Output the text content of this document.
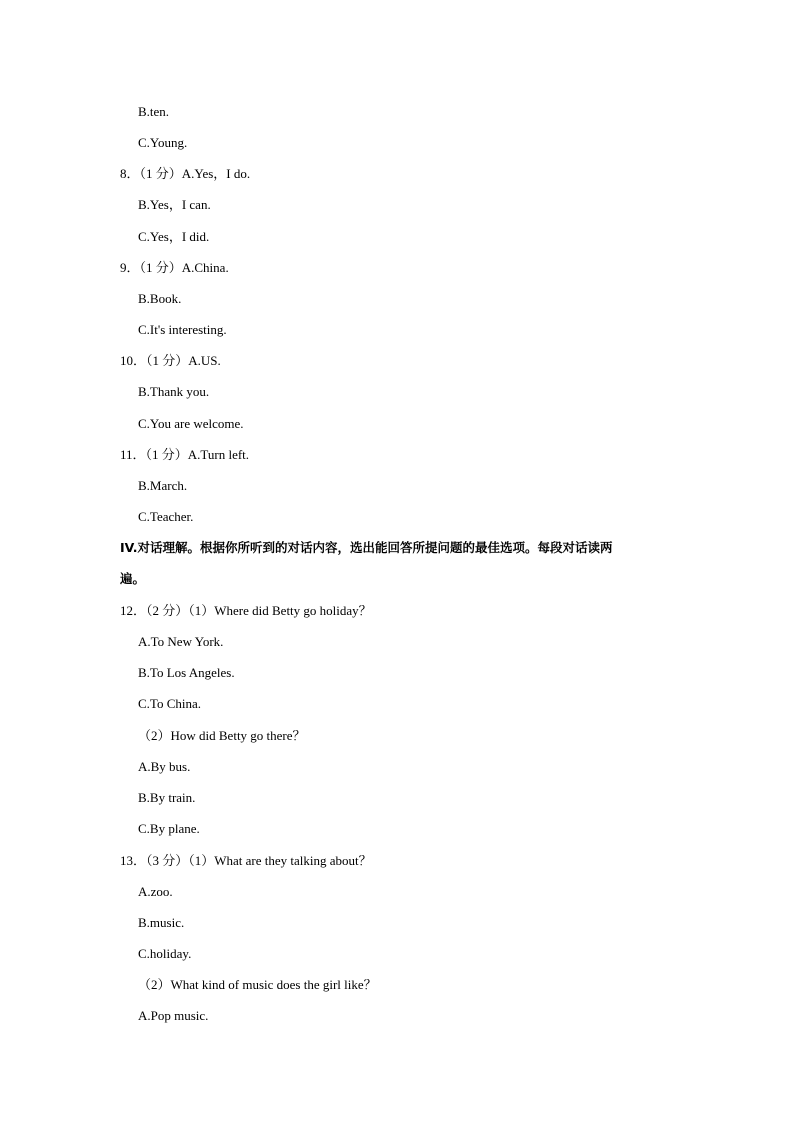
B.ten.
C.Young.
8．（1 分）A.Yes，I do.
B.Yes，I can.
C.Yes，I did.
9．（1 分）A.China.
B.Book.
C.It's interesting.
10．（1 分）A.US.
B.Thank you.
C.You are welcome.
11．（1 分）A.Turn left.
B.March.
C.Teacher.
IV.对话理解。根据你所听到的对话内容，选出能回答所提问题的最佳选项。每段对话读两
遍。
12．（2 分）（1）Where did Betty go holiday？
A.To New York.
B.To Los Angeles.
C.To China.
（2）How did Betty go there？
A.By bus.
B.By train.
C.By plane.
13．（3 分）（1）What are they talking about？
A.zoo.
B.music.
C.holiday.
（2）What kind of music does the girl like？
A.Pop music.
